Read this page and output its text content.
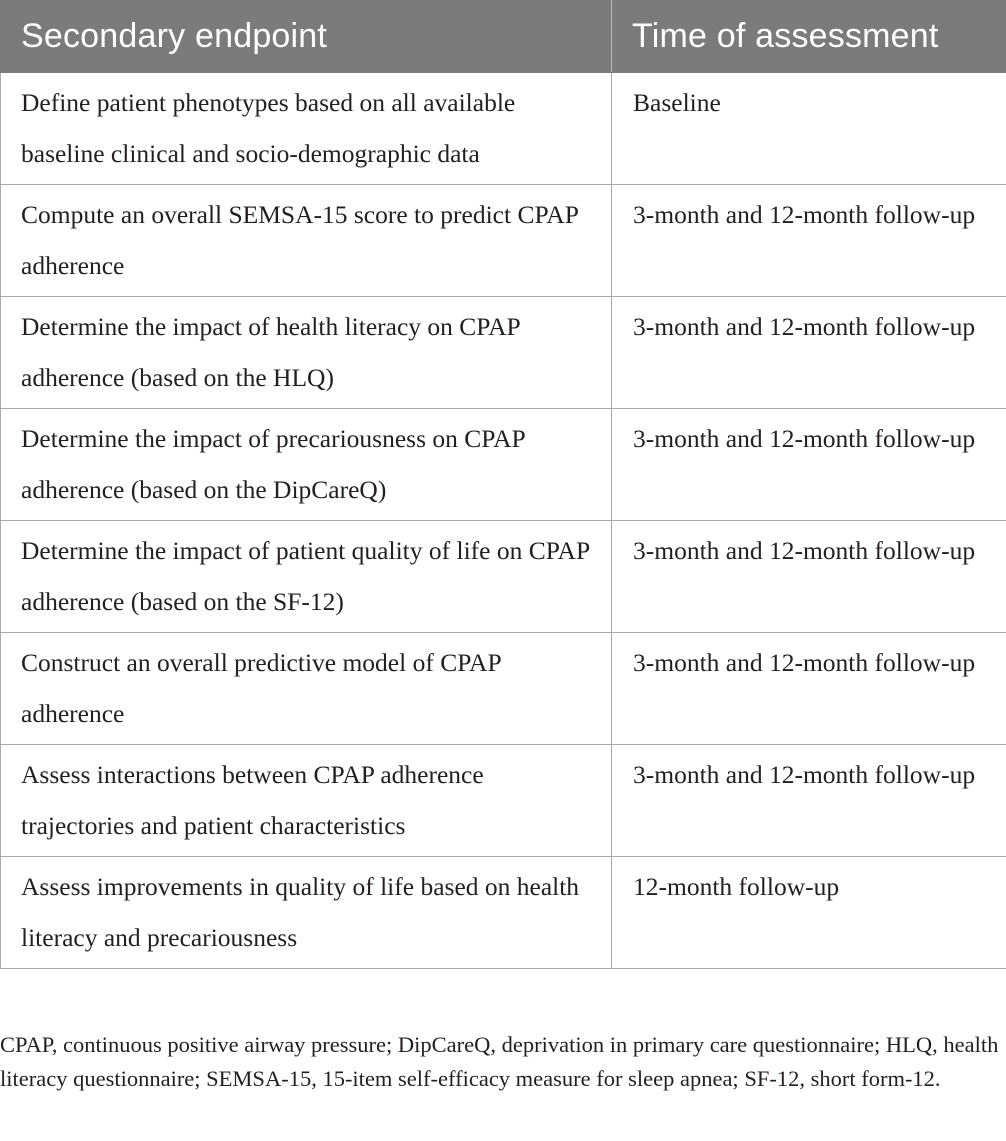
Secondary endpoint	Time of assessment
Define patient phenotypes based on all available baseline clinical and socio-demographic data	Baseline
Compute an overall SEMSA-15 score to predict CPAP adherence	3-month and 12-month follow-up
Determine the impact of health literacy on CPAP adherence (based on the HLQ)	3-month and 12-month follow-up
Determine the impact of precariousness on CPAP adherence (based on the DipCareQ)	3-month and 12-month follow-up
Determine the impact of patient quality of life on CPAP adherence (based on the SF-12)	3-month and 12-month follow-up
Construct an overall predictive model of CPAP adherence	3-month and 12-month follow-up
Assess interactions between CPAP adherence trajectories and patient characteristics	3-month and 12-month follow-up
Assess improvements in quality of life based on health literacy and precariousness	12-month follow-up

CPAP, continuous positive airway pressure; DipCareQ, deprivation in primary care questionnaire; HLQ, health literacy questionnaire; SEMSA-15, 15-item self-efficacy measure for sleep apnea; SF-12, short form-12.
